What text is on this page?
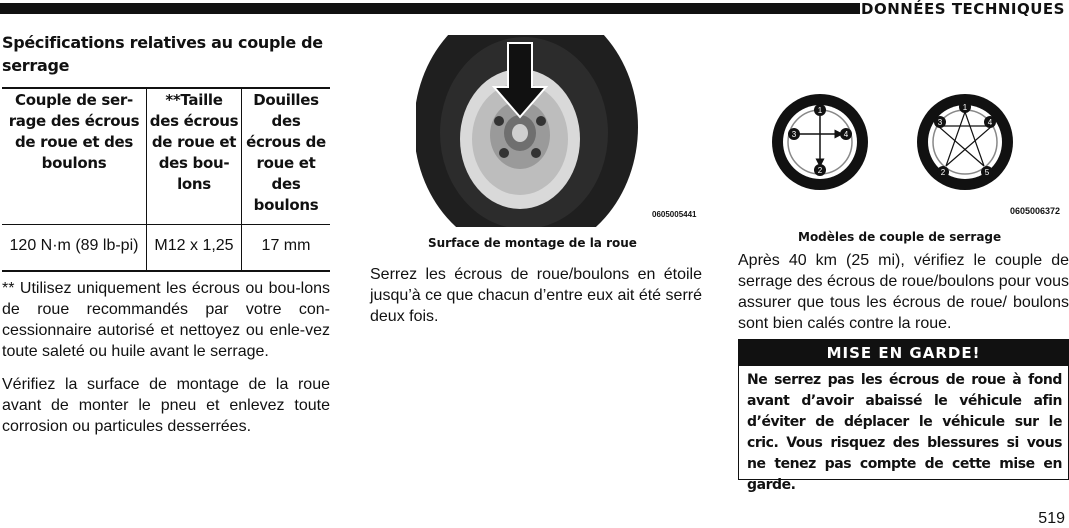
DONNÉES TECHNIQUES
Spécifications relatives au couple de serrage
Couple de ser-rage des écrous de roue et des boulons	**Taille des écrous de roue et des bou-lons	Douilles des écrous de roue et des boulons
120 N·m (89 lb-pi)	M12 x 1,25	17 mm

** Utilisez uniquement les écrous ou bou-lons de roue recommandés par votre con-cessionnaire autorisé et nettoyez ou enle-vez toute saleté ou huile avant le serrage.

Vérifiez la surface de montage de la roue avant de monter le pneu et enlevez toute corrosion ou particules desserrées.

0605005441
Surface de montage de la roue

Serrez les écrous de roue/boulons en étoile jusqu’à ce que chacun d’entre eux ait été serré deux fois.

1
2
3	4
1
2
3	4
5
0605006372
Modèles de couple de serrage

Après 40 km (25 mi), vérifiez le couple de serrage des écrous de roue/boulons pour vous assurer que tous les écrous de roue/ boulons sont bien calés contre la roue.

MISE EN GARDE!
Ne serrez pas les écrous de roue à fond avant d’avoir abaissé le véhicule afin d’éviter de déplacer le véhicule sur le cric. Vous risquez des blessures si vous ne tenez pas compte de cette mise en garde.
519
